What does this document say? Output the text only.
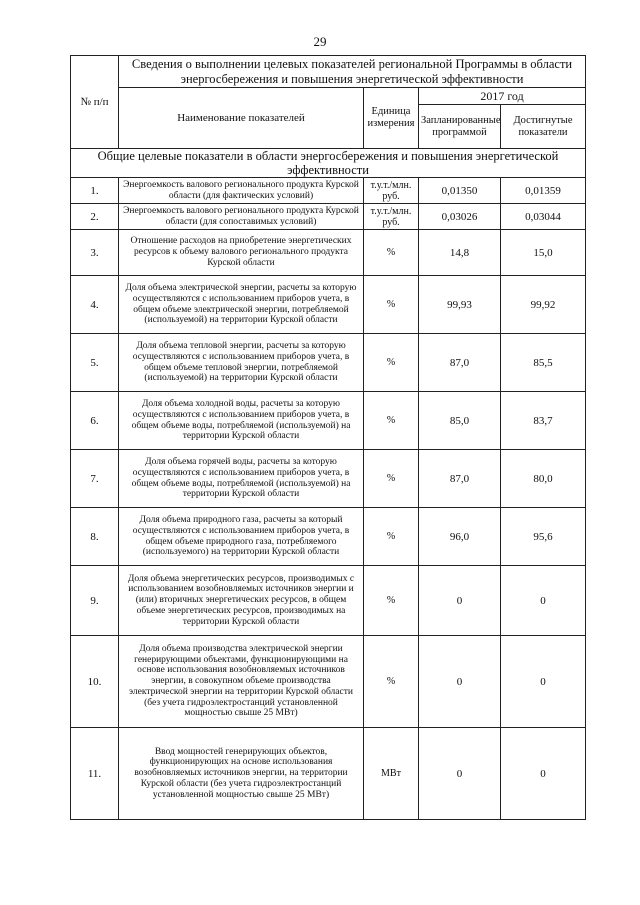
29
№ п/п	Сведения о выполнении целевых показателей региональной Программы в области энергосбережения и повышения энергетической эффективности			
	Наименование показателей	Единица измерения	2017 год	
			Запланированные программой	Достигнутые показатели
Общие целевые показатели в области энергосбережения и повышения энергетической эффективности				
1.	Энергоемкость валового регионального продукта Курской области (для фактических условий)	т.у.т./млн. руб.	0,01350	0,01359
2.	Энергоемкость валового регионального продукта Курской области (для сопоставимых условий)	т.у.т./млн. руб.	0,03026	0,03044
3.	Отношение расходов на приобретение энергетических ресурсов к объему валового регионального продукта Курской области	%	14,8	15,0
4.	Доля объема электрической энергии, расчеты за которую осуществляются с использованием приборов учета, в общем объеме электрической энергии, потребляемой (используемой) на территории Курской области	%	99,93	99,92
5.	Доля объема тепловой энергии, расчеты за которую осуществляются с использованием приборов учета, в общем объеме тепловой энергии, потребляемой (используемой) на территории Курской области	%	87,0	85,5
6.	Доля объема холодной воды, расчеты за которую осуществляются с использованием приборов учета, в общем объеме воды, потребляемой (используемой) на территории Курской области	%	85,0	83,7
7.	Доля объема горячей воды, расчеты за которую осуществляются с использованием приборов учета, в общем объеме воды, потребляемой (используемой) на территории Курской области	%	87,0	80,0
8.	Доля объема природного газа, расчеты за который осуществляются с использованием приборов учета, в общем объеме природного газа, потребляемого (используемого) на территории Курской области	%	96,0	95,6
9.	Доля объема энергетических ресурсов, производимых с использованием возобновляемых источников энергии и (или) вторичных энергетических ресурсов, в общем объеме энергетических ресурсов, производимых на территории Курской области	%	0	0
10.	Доля объема производства электрической энергии генерирующими объектами, функционирующими на основе использования возобновляемых источников энергии, в совокупном объеме производства электрической энергии на территории Курской области (без учета гидроэлектростанций установленной мощностью свыше 25 МВт)	%	0	0
11.	Ввод мощностей генерирующих объектов, функционирующих на основе использования возобновляемых источников энергии, на территории Курской области (без учета гидроэлектростанций установленной мощностью свыше 25 МВт)	МВт	0	0
